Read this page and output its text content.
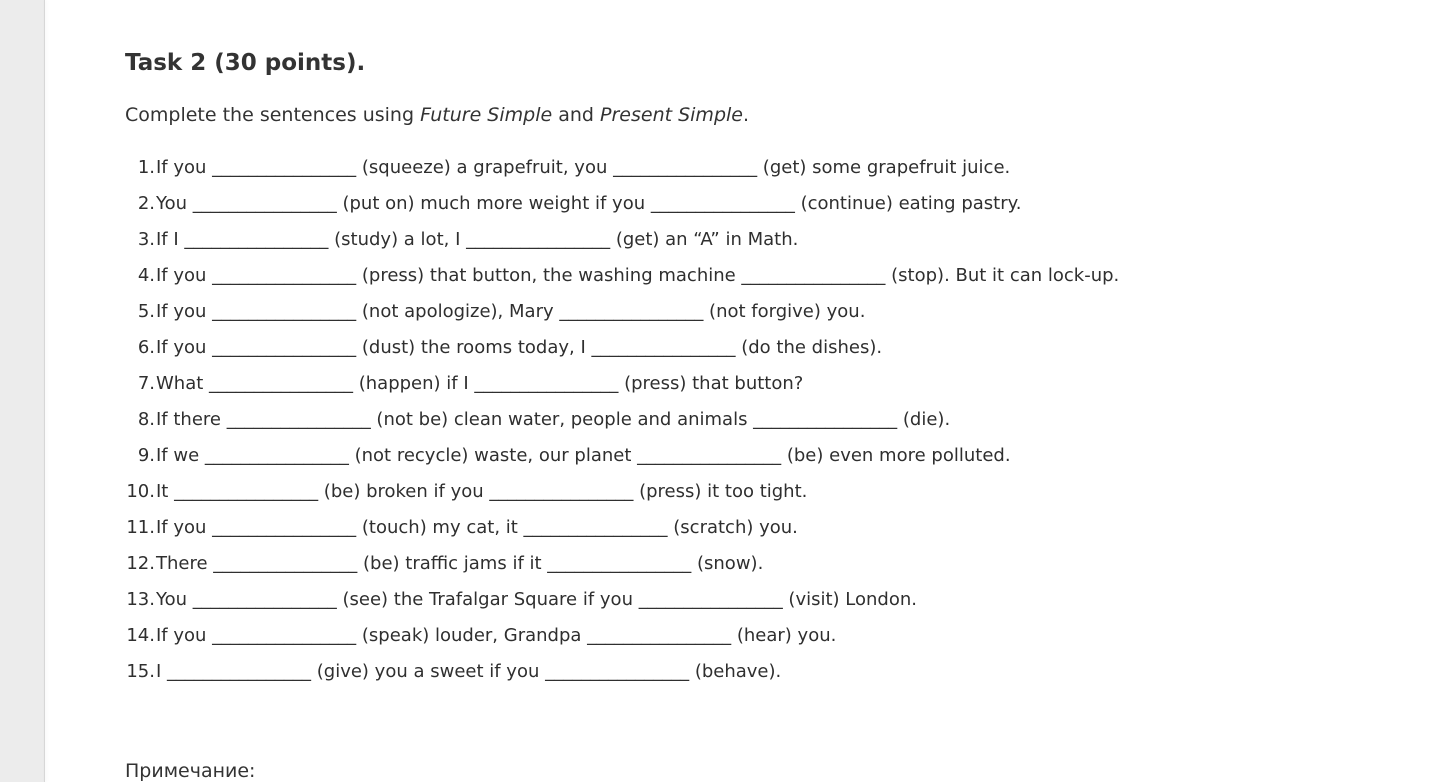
Task 2 (30 points).

Complete the sentences using Future Simple and Present Simple.

1. If you ________________ (squeeze) a grapefruit, you ________________ (get) some grapefruit juice.
2. You ________________ (put on) much more weight if you ________________ (continue) eating pastry.
3. If I ________________ (study) a lot, I ________________ (get) an “A” in Math.
4. If you ________________ (press) that button, the washing machine ________________ (stop). But it can lock-up.
5. If you ________________ (not apologize), Mary ________________ (not forgive) you.
6. If you ________________ (dust) the rooms today, I ________________ (do the dishes).
7. What ________________ (happen) if I ________________ (press) that button?
8. If there ________________ (not be) clean water, people and animals ________________ (die).
9. If we ________________ (not recycle) waste, our planet ________________ (be) even more polluted.
10. It ________________ (be) broken if you ________________ (press) it too tight.
11. If you ________________ (touch) my cat, it ________________ (scratch) you.
12. There ________________ (be) traffic jams if it ________________ (snow).
13. You ________________ (see) the Trafalgar Square if you ________________ (visit) London.
14. If you ________________ (speak) louder, Grandpa ________________ (hear) you.
15. I ________________ (give) you a sweet if you ________________ (behave).

Примечание:
